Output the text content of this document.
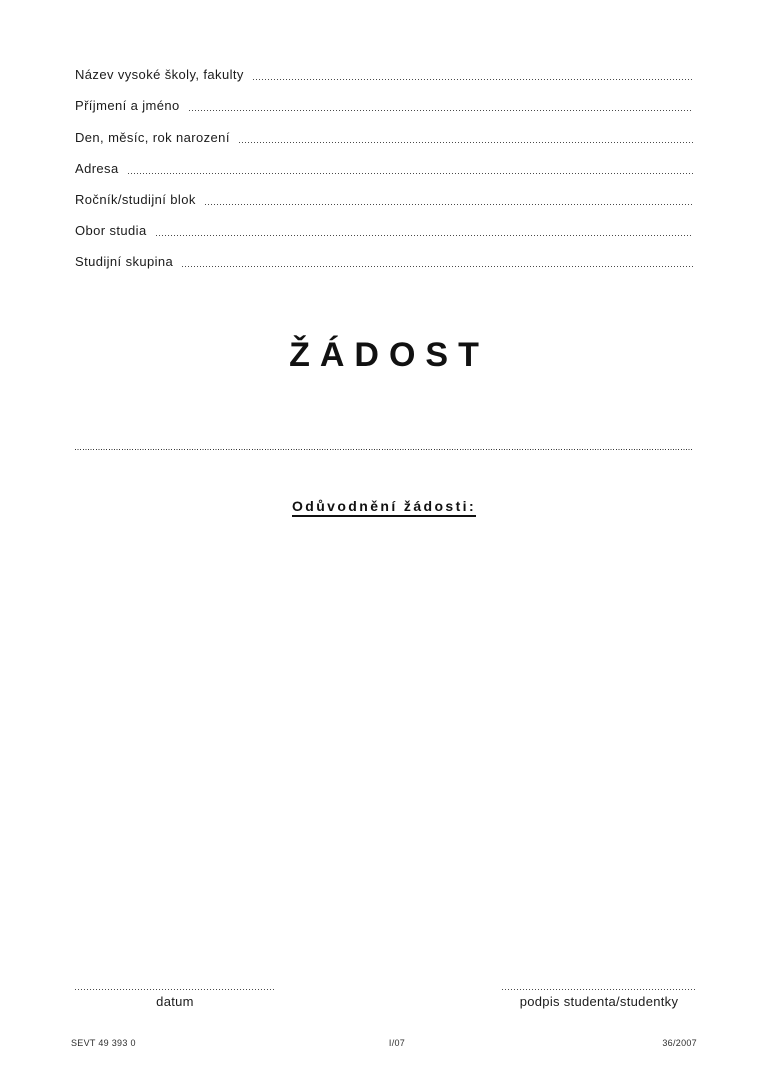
Název vysoké školy, fakulty
Příjmení a jméno
Den, měsíc, rok narození
Adresa
Ročník/studijní blok
Obor studia
Studijní skupina
ŽÁDOST
Odůvodnění žádosti:
datum	podpis studenta/studentky
SEVT 49 393 0	I/07	36/2007
